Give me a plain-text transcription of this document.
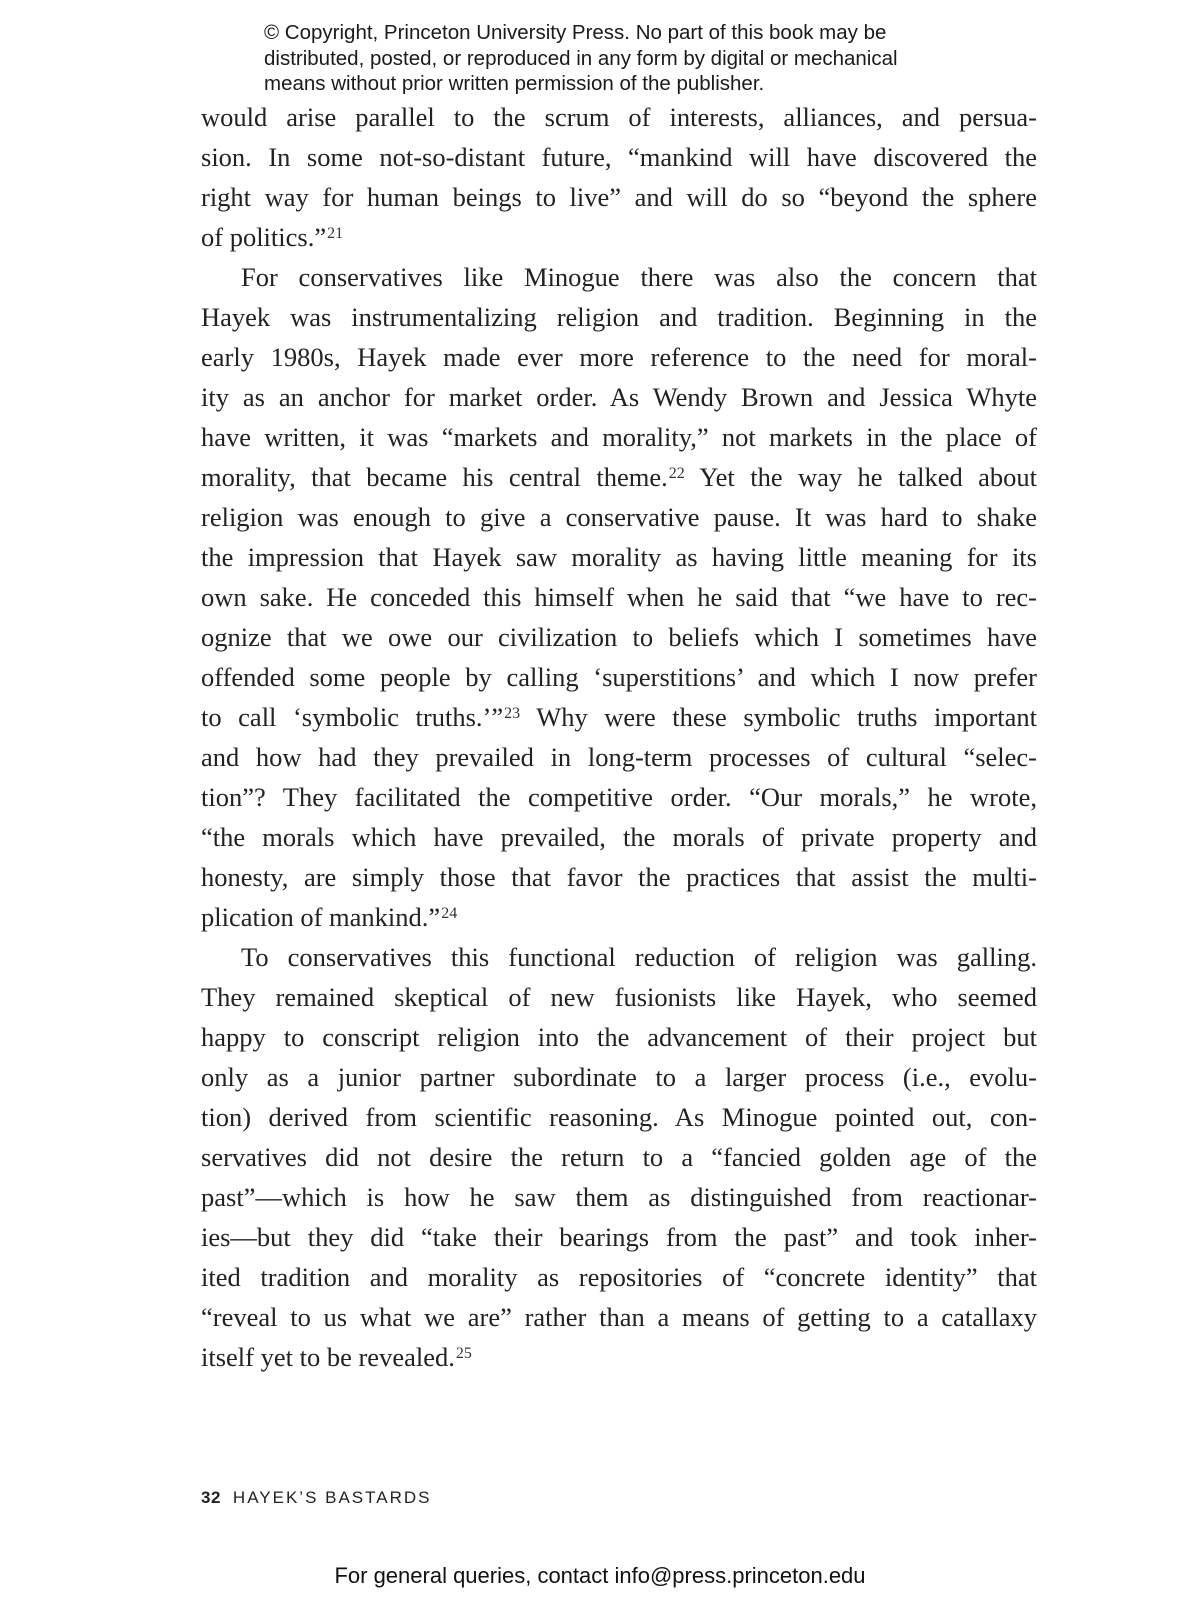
© Copyright, Princeton University Press. No part of this book may be
distributed, posted, or reproduced in any form by digital or mechanical
means without prior written permission of the publisher.

would arise parallel to the scrum of interests, alliances, and persua-
sion. In some not-so-distant future, “mankind will have discovered the
right way for human beings to live” and will do so “beyond the sphere
of politics.”$^{21}$

For conservatives like Minogue there was also the concern that
Hayek was instrumentalizing religion and tradition. Beginning in the
early 1980s, Hayek made ever more reference to the need for moral-
ity as an anchor for market order. As Wendy Brown and Jessica Whyte
have written, it was “markets and morality,” not markets in the place of
morality, that became his central theme.$^{22}$ Yet the way he talked about
religion was enough to give a conservative pause. It was hard to shake
the impression that Hayek saw morality as having little meaning for its
own sake. He conceded this himself when he said that “we have to rec-
ognize that we owe our civilization to beliefs which I sometimes have
offended some people by calling ‘superstitions’ and which I now prefer
to call ‘symbolic truths.’”$^{23}$ Why were these symbolic truths important
and how had they prevailed in long-term processes of cultural “selec-
tion”? They facilitated the competitive order. “Our morals,” he wrote,
“the morals which have prevailed, the morals of private property and
honesty, are simply those that favor the practices that assist the multi-
plication of mankind.”$^{24}$

To conservatives this functional reduction of religion was galling.
They remained skeptical of new fusionists like Hayek, who seemed
happy to conscript religion into the advancement of their project but
only as a junior partner subordinate to a larger process (i.e., evolu-
tion) derived from scientific reasoning. As Minogue pointed out, con-
servatives did not desire the return to a “fancied golden age of the
past”—which is how he saw them as distinguished from reactionar-
ies—but they did “take their bearings from the past” and took inher-
ited tradition and morality as repositories of “concrete identity” that
“reveal to us what we are” rather than a means of getting to a catallaxy
itself yet to be revealed.$^{25}$

32 HAYEK’S BASTARDS
For general queries, contact info@press.princeton.edu
